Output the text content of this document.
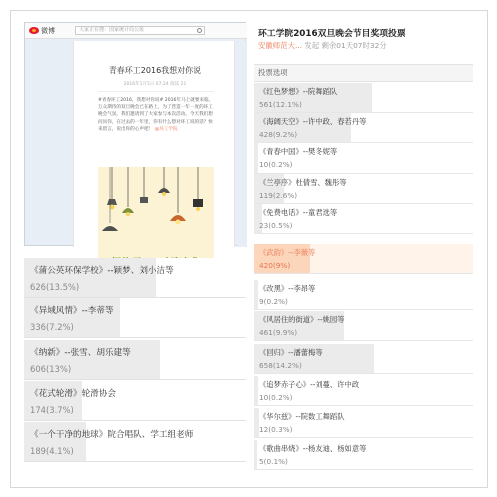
微博	大家正在搜：国家统计局公报
青春环工2016我想对你说
2016年1月5日 07:24 阅读 21
#青春环工2016，我想对你说# 2016年马上就要来临，万众期待的双旦晚会已在路上，为了营造一年一度的环工晚会气氛，我们邀请到了大家参与本次活动。今天我们想问问你，在过去的一年里，你有什么想对环工说的话？快来留言，说出你的心声吧！ @环工学院
《蒲公英环保学校》--颖梦、刘小洁等
626(13.5%)
《异域风情》--李蒂等
336(7.2%)
《纳新》--张雪、胡乐建等
606(13%)
《花式轮滑》轮滑协会
174(3.7%)
《一个干净的地球》院合唱队、学工组老师
189(4.1%)
环工学院2016双旦晚会节目奖项投票
安徽师范大... 发起 剩余01天07时32分
投票选项
《红色梦想》--院舞蹈队
561(12.1%)
《海阔天空》--许中政、春若丹等
428(9.2%)
《青春中国》--樊冬妮等
10(0.2%)
《兰亭序》杜倩雪、魏彤等
119(2.6%)
《免费电话》--童君选等
23(0.5%)
《武韵》--李薇等
420(9%)
《改黑》--李昂等
9(0.2%)
《风居住的街道》--姚园等
461(9.9%)
《回归》--潘蕾梅等
658(14.2%)
《追梦赤子心》--刘蔓、许中政
10(0.2%)
《华尔兹》--院数工舞蹈队
12(0.3%)
《歌曲串烧》--杨友迪、杨如意等
5(0.1%)
